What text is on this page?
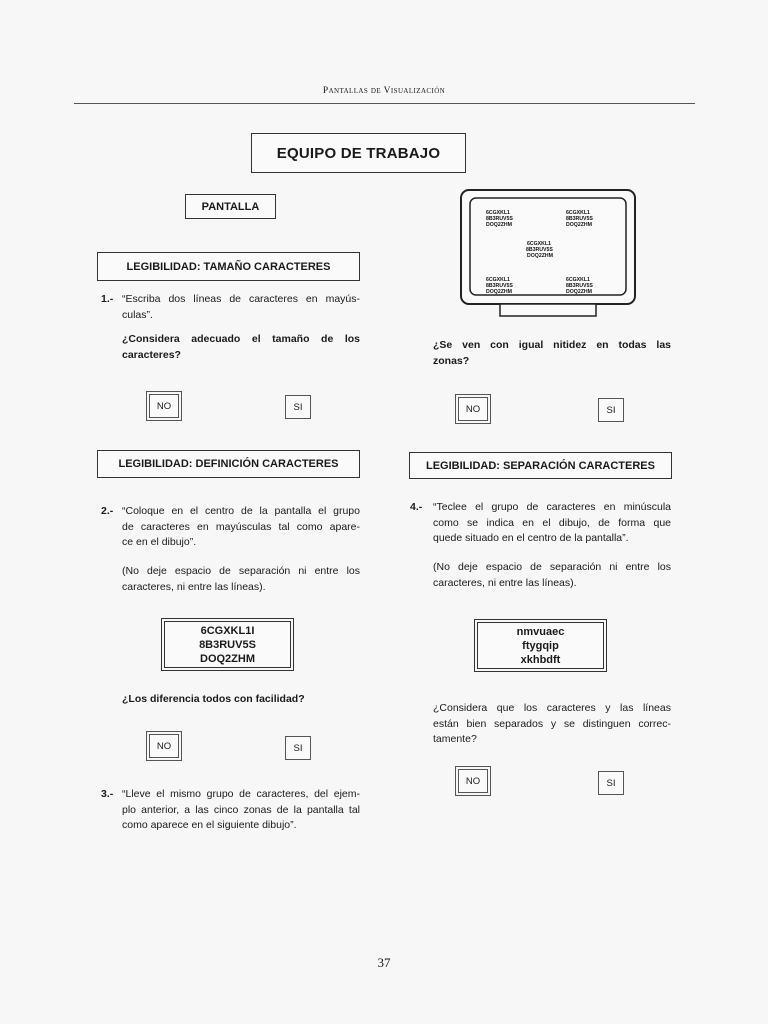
Pantallas de Visualización
EQUIPO DE TRABAJO
PANTALLA
LEGIBILIDAD: TAMAÑO CARACTERES
1.- “Escriba dos líneas de caracteres en mayús-
culas”.
¿Considera adecuado el tamaño de los
caracteres?
NO	SI
LEGIBILIDAD: DEFINICIÓN CARACTERES
2.- “Coloque en el centro de la pantalla el grupo
de caracteres en mayúsculas tal como apare-
ce en el dibujo”.
(No deje espacio de separación ni entre los
caracteres, ni entre las líneas).
6CGXKL1I
8B3RUV5S
DOQ2ZHM
¿Los diferencia todos con facilidad?
NO	SI
3.- “Lleve el mismo grupo de caracteres, del ejem-
plo anterior, a las cinco zonas de la pantalla tal
como aparece en el siguiente dibujo”.
6CGXKL1
8B3RUV5S
DOQ2ZHM
6CGXKL1
8B3RUV5S
DOQ2ZHM
6CGXKL1
8B3RUV5S
DOQ2ZHM
6CGXKL1
8B3RUV5S
DOQ2ZHM
6CGXKL1
8B3RUV5S
DOQ2ZHM
¿Se ven con igual nitidez en todas las
zonas?
NO	SI
LEGIBILIDAD: SEPARACIÓN CARACTERES
4.- “Teclee el grupo de caracteres en minúscula
como se indica en el dibujo, de forma que
quede situado en el centro de la pantalla”.
(No deje espacio de separación ni entre los
caracteres, ni entre las líneas).
nmvuaec
ftygqip
xkhbdft
¿Considera que los caracteres y las líneas
están bien separados y se distinguen correc-
tamente?
NO	SI
37
